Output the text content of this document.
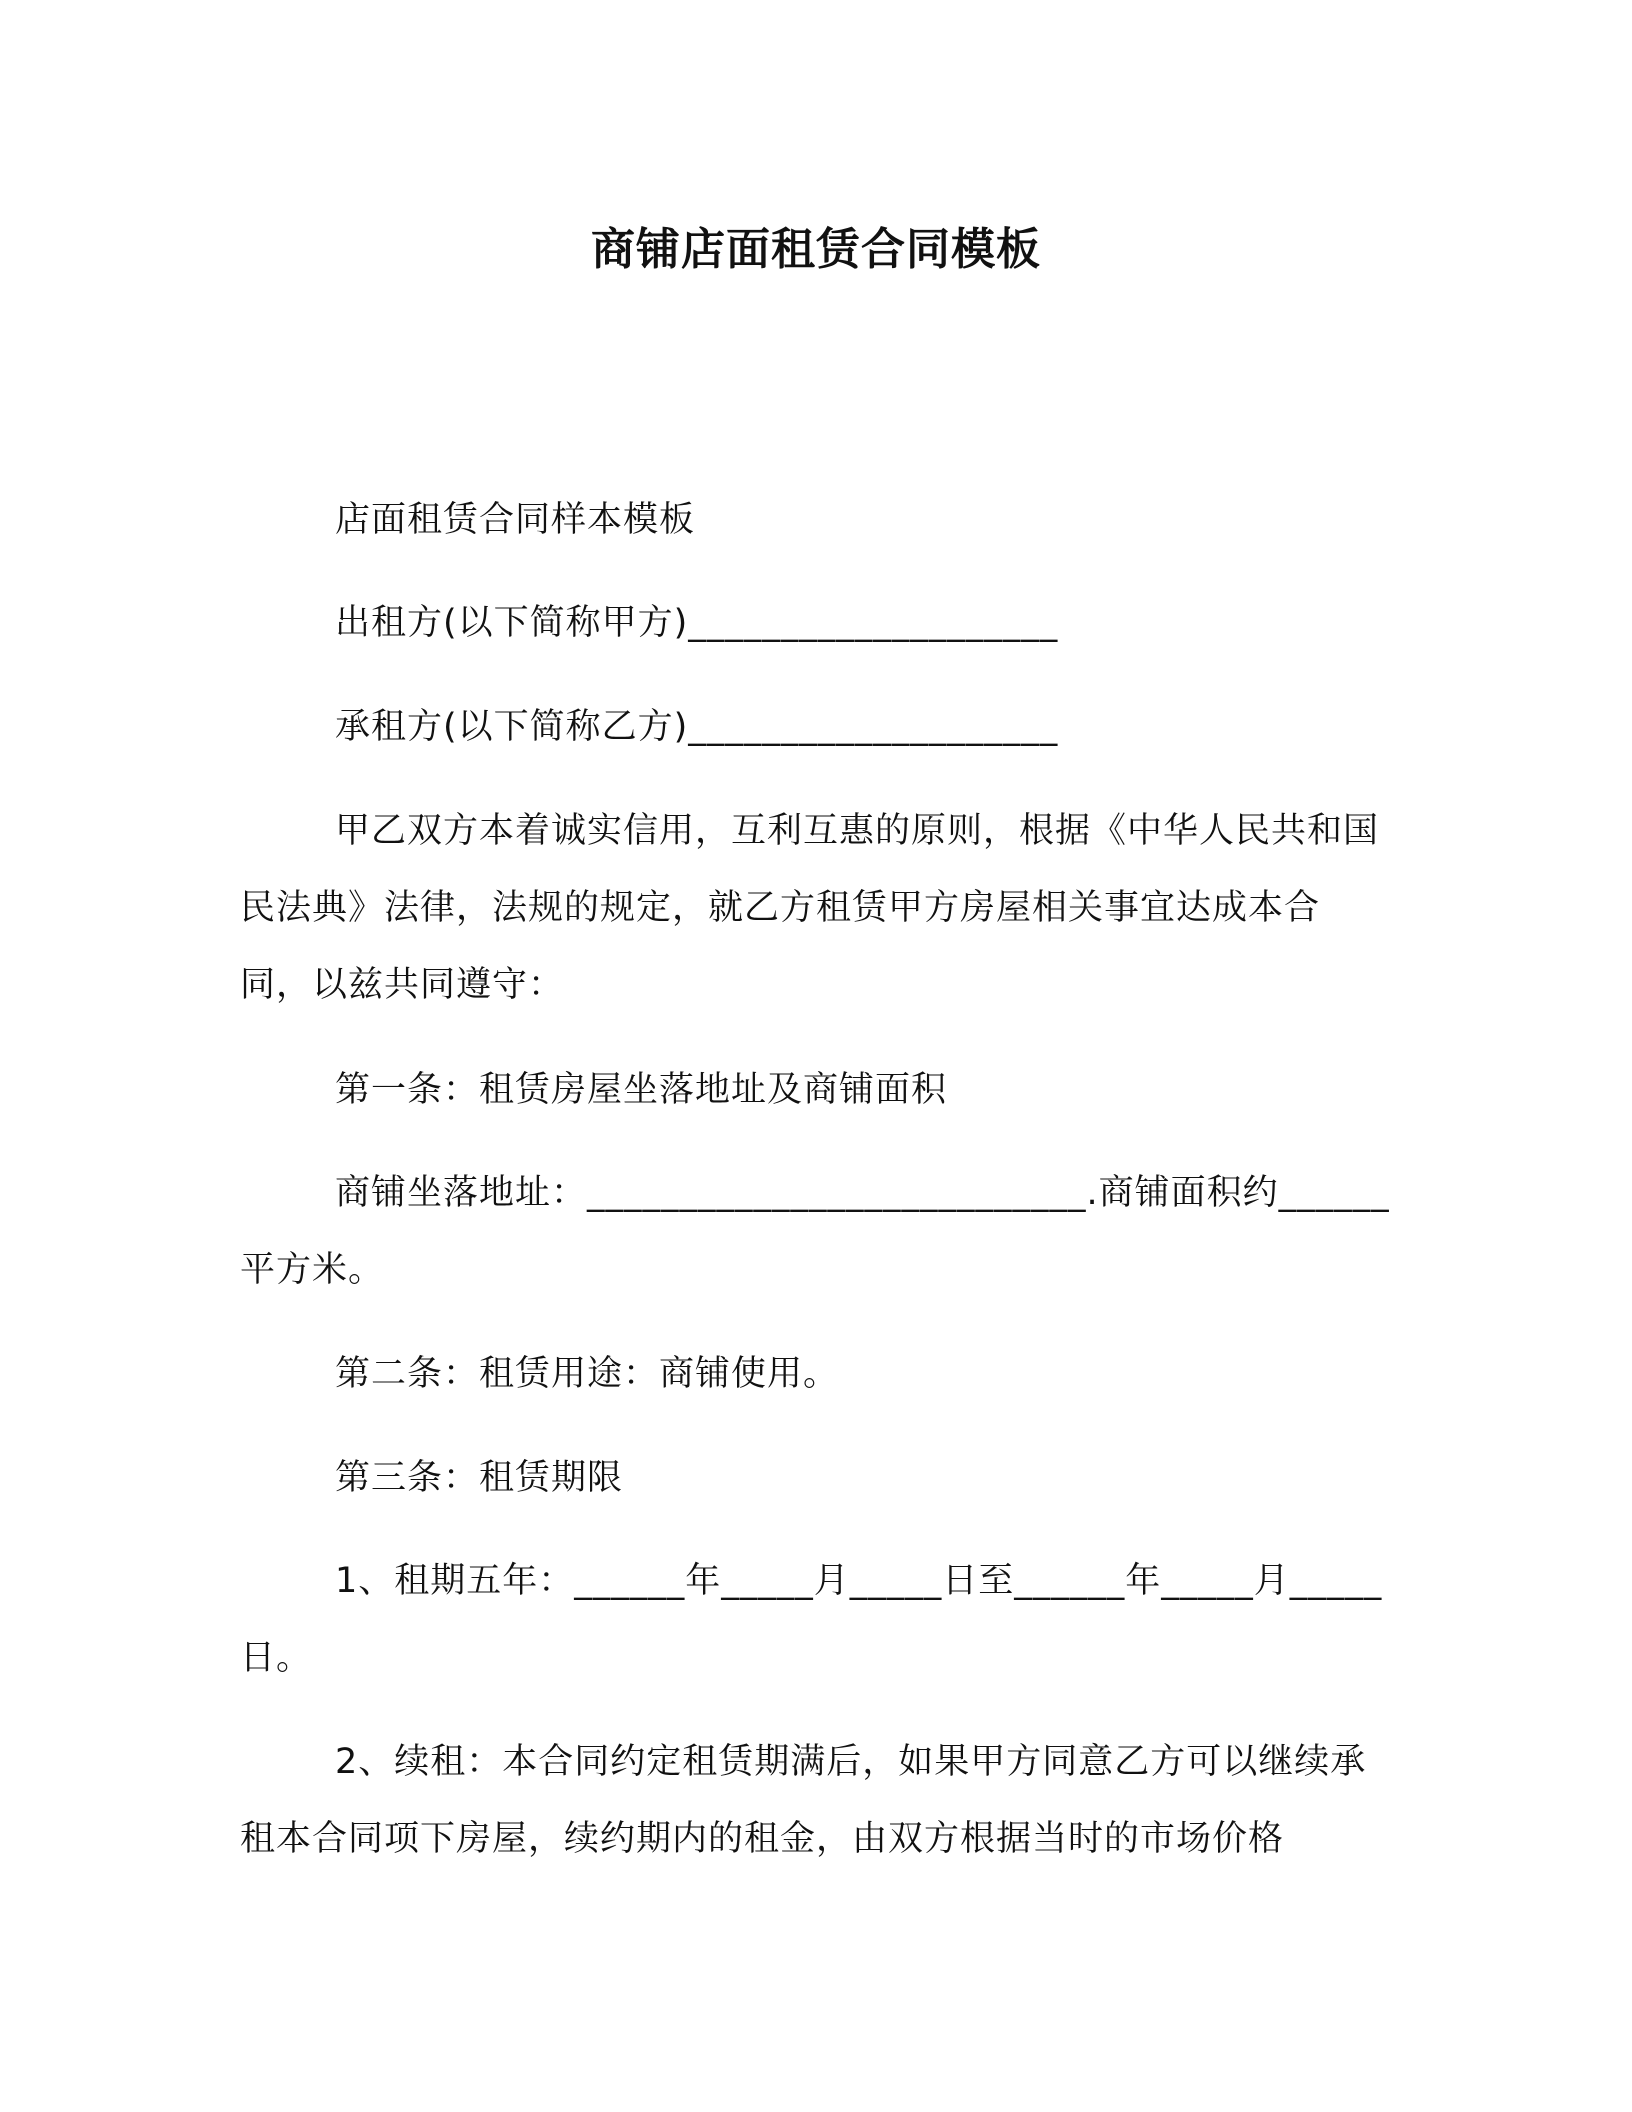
商铺店面租赁合同模板
店面租赁合同样本模板
出租方(以下简称甲方)____________________
承租方(以下简称乙方)____________________
甲乙双方本着诚实信用，互利互惠的原则，根据《中华人民共和国民法典》法律，法规的规定，就乙方租赁甲方房屋相关事宜达成本合同，以兹共同遵守：
第一条：租赁房屋坐落地址及商铺面积
商铺坐落地址：___________________________.商铺面积约______平方米。
第二条：租赁用途：商铺使用。
第三条：租赁期限
1、租期五年：______年_____月_____日至______年_____月_____日。
2、续租：本合同约定租赁期满后，如果甲方同意乙方可以继续承租本合同项下房屋，续约期内的租金，由双方根据当时的市场价格
